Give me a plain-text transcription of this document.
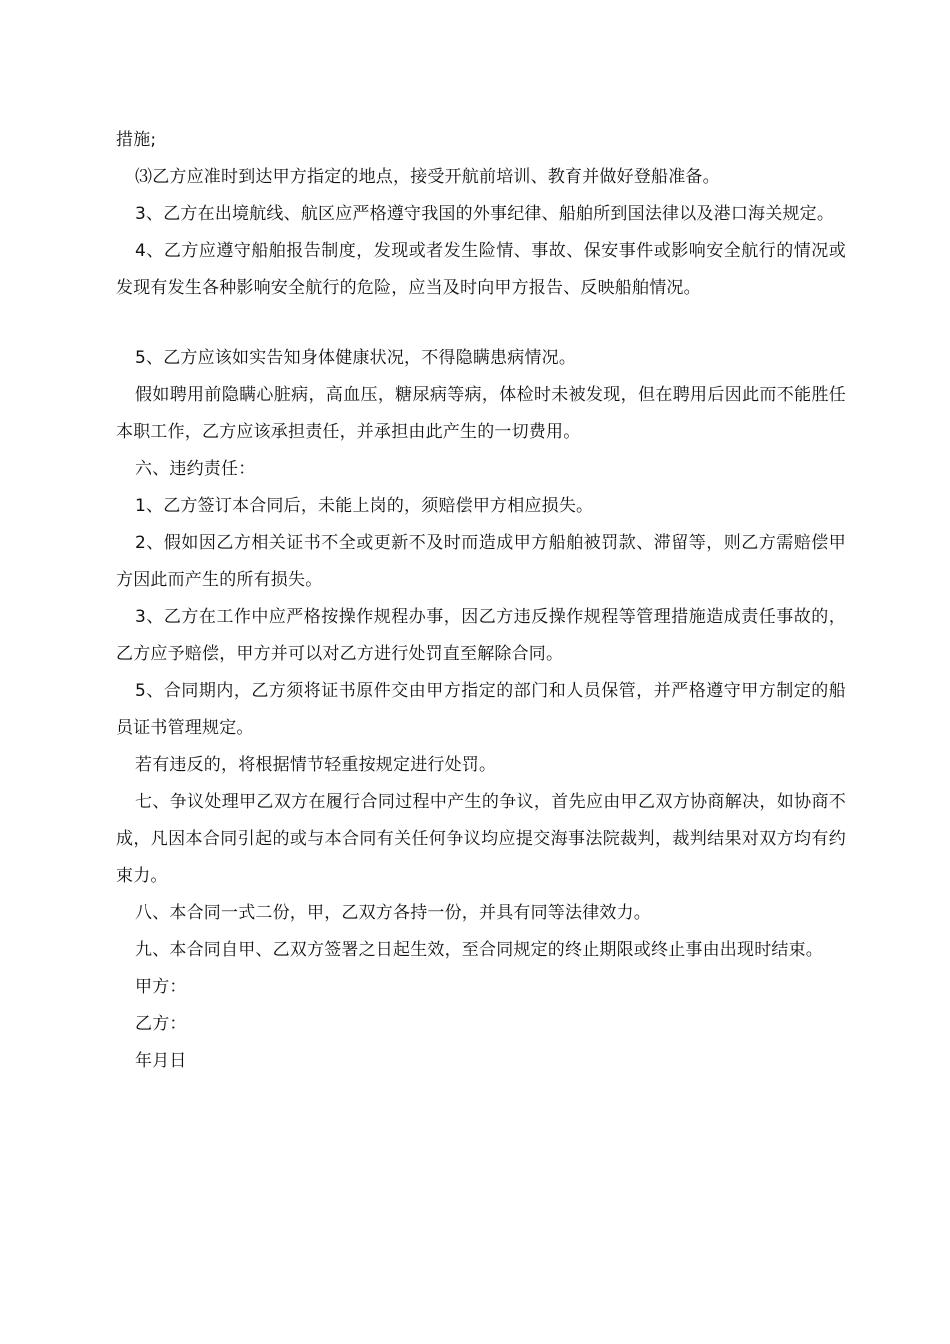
措施;

⑶乙方应准时到达甲方指定的地点，接受开航前培训、教育并做好登船准备。

3、乙方在出境航线、航区应严格遵守我国的外事纪律、船舶所到国法律以及港口海关规定。

4、乙方应遵守船舶报告制度，发现或者发生险情、事故、保安事件或影响安全航行的情况或发现有发生各种影响安全航行的危险，应当及时向甲方报告、反映船舶情况。

5、乙方应该如实告知身体健康状况，不得隐瞒患病情况。

假如聘用前隐瞒心脏病，高血压，糖尿病等病，体检时未被发现，但在聘用后因此而不能胜任本职工作，乙方应该承担责任，并承担由此产生的一切费用。

六、违约责任：

1、乙方签订本合同后，未能上岗的，须赔偿甲方相应损失。

2、假如因乙方相关证书不全或更新不及时而造成甲方船舶被罚款、滞留等，则乙方需赔偿甲方因此而产生的所有损失。

3、乙方在工作中应严格按操作规程办事，因乙方违反操作规程等管理措施造成责任事故的，乙方应予赔偿，甲方并可以对乙方进行处罚直至解除合同。

5、合同期内，乙方须将证书原件交由甲方指定的部门和人员保管，并严格遵守甲方制定的船员证书管理规定。

若有违反的，将根据情节轻重按规定进行处罚。

七、争议处理甲乙双方在履行合同过程中产生的争议，首先应由甲乙双方协商解决，如协商不成，凡因本合同引起的或与本合同有关任何争议均应提交海事法院裁判，裁判结果对双方均有约束力。

八、本合同一式二份，甲，乙双方各持一份，并具有同等法律效力。

九、本合同自甲、乙双方签署之日起生效，至合同规定的终止期限或终止事由出现时结束。

甲方：

乙方：

年月日
